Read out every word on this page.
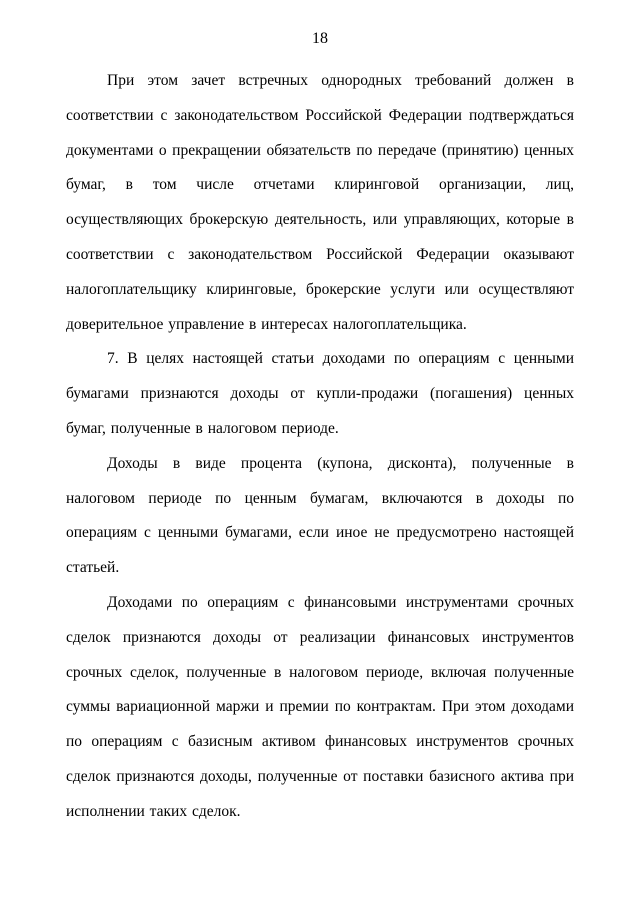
18

При этом зачет встречных однородных требований должен в соответствии с законодательством Российской Федерации подтверждаться документами о прекращении обязательств по передаче (принятию) ценных бумаг, в том числе отчетами клиринговой организации, лиц, осуществляющих брокерскую деятельность, или управляющих, которые в соответствии с законодательством Российской Федерации оказывают налогоплательщику клиринговые, брокерские услуги или осуществляют доверительное управление в интересах налогоплательщика.

7. В целях настоящей статьи доходами по операциям с ценными бумагами признаются доходы от купли-продажи (погашения) ценных бумаг, полученные в налоговом периоде.

Доходы в виде процента (купона, дисконта), полученные в налоговом периоде по ценным бумагам, включаются в доходы по операциям с ценными бумагами, если иное не предусмотрено настоящей статьей.

Доходами по операциям с финансовыми инструментами срочных сделок признаются доходы от реализации финансовых инструментов срочных сделок, полученные в налоговом периоде, включая полученные суммы вариационной маржи и премии по контрактам. При этом доходами по операциям с базисным активом финансовых инструментов срочных сделок признаются доходы, полученные от поставки базисного актива при исполнении таких сделок.
